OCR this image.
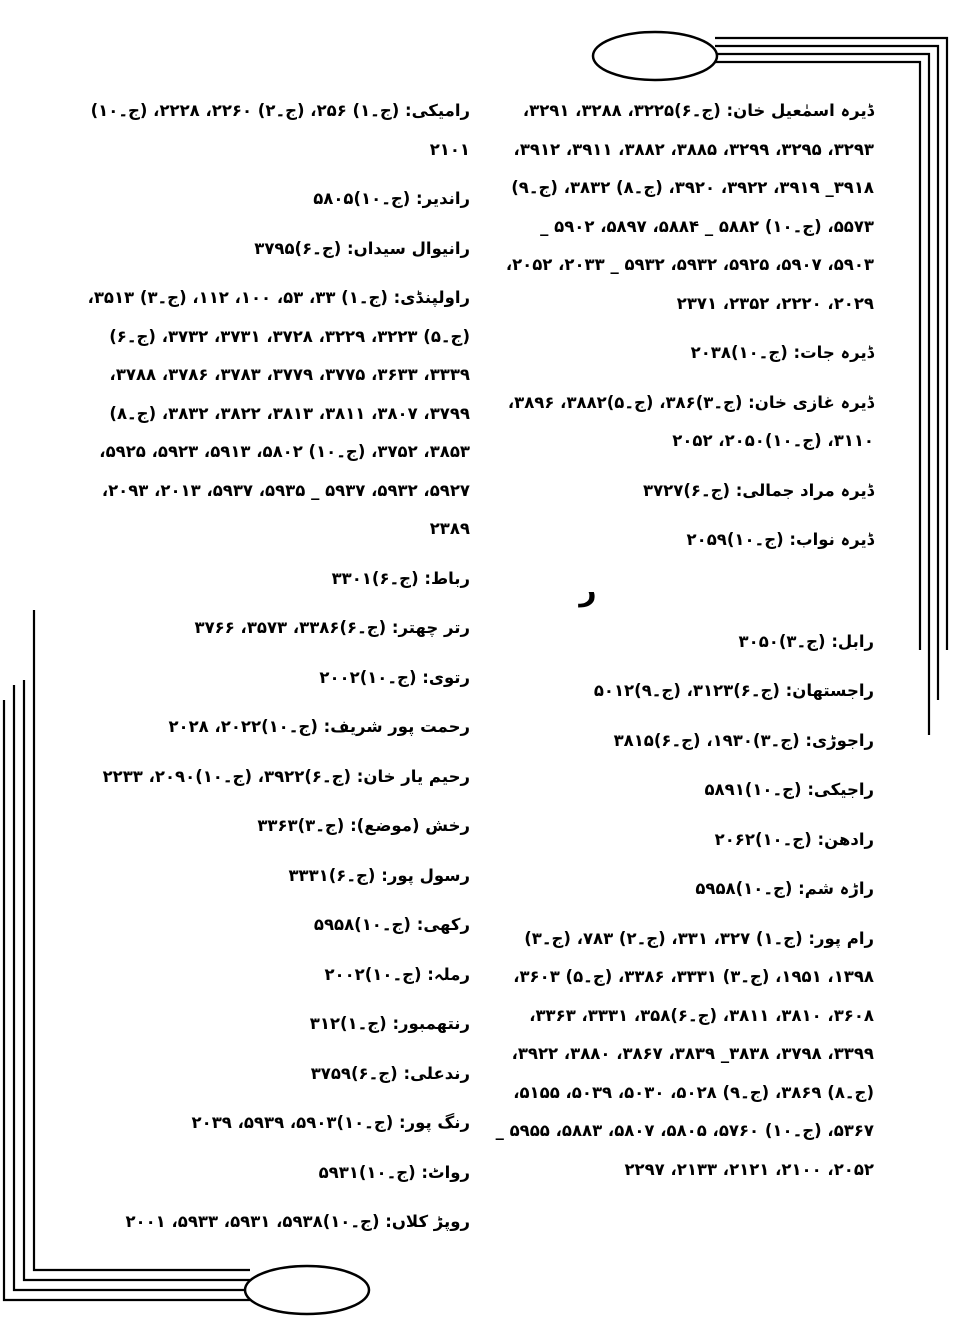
ڈیرہ اسمٰعیل خان: (ج۔۶)۳۲۲۵، ۳۲۸۸، ۳۲۹۱، ۳۲۹۳، ۳۲۹۵، ۳۲۹۹، ۳۸۸۵، ۳۸۸۲، ۳۹۱۱، ۳۹۱۲، ۳۹۱۸_ ۳۹۱۹، ۳۹۲۲، ۳۹۲۰، (ج۔۸) ۳۸۳۲، (ج۔۹) ۵۵۷۳، (ج۔۱۰) ۵۸۸۲ _ ۵۸۸۴، ۵۸۹۷، ۵۹۰۲ _ ۵۹۰۳، ۵۹۰۷، ۵۹۲۵، ۵۹۳۲، ۵۹۳۲ _ ۲۰۳۳، ۲۰۵۲، ۲۰۲۹، ۲۲۲۰، ۲۳۵۲، ۲۳۷۱
ڈیرہ جات: (ج۔۱۰)۲۰۳۸
ڈیرہ غازی خان: (ج۔۳)۳۸۶، (ج۔۵)۳۸۸۲، ۳۸۹۶، ۳۱۱۰، (ج۔۱۰)۲۰۵۰، ۲۰۵۲
ڈیرہ مراد جمالی: (ج۔۶)۳۷۲۷
ڈیرہ نواب: (ج۔۱۰)۲۰۵۹
ر
رابل: (ج۔۳)۳۰۵۰
راجستھان: (ج۔۶)۳۱۲۳، (ج۔۹)۵۰۱۲
راجوڑی: (ج۔۳)۱۹۳۰، (ج۔۶)۳۸۱۵
راجیکی: (ج۔۱۰)۵۸۹۱
رادھن: (ج۔۱۰)۲۰۶۲
راڑہ شم: (ج۔۱۰)۵۹۵۸
رام پور: (ج۔۱) ۳۲۷، ۳۳۱، (ج۔۲) ۷۸۳، (ج۔۳) ۱۳۹۸، ۱۹۵۱، (ج۔۳) ۳۳۳۱، ۳۳۸۶، (ج۔۵) ۳۶۰۳، ۳۶۰۸، ۳۸۱۰، ۳۸۱۱، (ج۔۶)۳۵۸، ۳۳۳۱، ۳۳۶۳، ۳۳۹۹، ۳۷۹۸، ۳۸۳۸_ ۳۸۳۹، ۳۸۶۷، ۳۸۸۰، ۳۹۲۲، (ج۔۸) ۳۸۶۹، (ج۔۹) ۵۰۲۸، ۵۰۳۰، ۵۰۳۹، ۵۱۵۵، ۵۳۶۷، (ج۔۱۰) ۵۷۶۰، ۵۸۰۵، ۵۸۰۷، ۵۸۸۳، ۵۹۵۵ _ ۲۰۵۲، ۲۱۰۰، ۲۱۲۱، ۲۱۳۳، ۲۲۹۷
رامیکی: (ج۔۱) ۲۵۶، (ج۔۲) ۲۲۶۰، ۲۲۲۸، (ج۔۱۰) ۲۱۰۱
راندیر: (ج۔۱۰)۵۸۰۵
رانیوال سیداں: (ج۔۶)۳۷۹۵
راولپنڈی: (ج۔۱) ۳۳، ۵۳، ۱۰۰، ۱۱۲، (ج۔۳) ۳۵۱۳، (ج۔۵) ۳۲۲۳، ۳۲۲۹، ۳۷۲۸، ۳۷۳۱، ۳۷۳۲، (ج۔۶) ۳۳۳۹، ۳۶۳۳، ۳۷۷۵، ۳۷۷۹، ۳۷۸۳، ۳۷۸۶، ۳۷۸۸، ۳۷۹۹، ۳۸۰۷، ۳۸۱۱، ۳۸۱۳، ۳۸۲۲، ۳۸۳۲، (ج۔۸) ۳۸۵۳، ۳۷۵۲، (ج۔۱۰) ۵۸۰۲، ۵۹۱۳، ۵۹۲۳، ۵۹۲۵، ۵۹۲۷، ۵۹۳۲، ۵۹۳۷ _ ۵۹۳۵، ۵۹۳۷، ۲۰۱۳، ۲۰۹۳، ۲۳۸۹
رباط: (ج۔۶)۳۳۰۱
رتر چھتر: (ج۔۶)۳۳۸۶، ۳۵۷۳، ۳۷۶۶
رتوی: (ج۔۱۰)۲۰۰۲
رحمت پور شریف: (ج۔۱۰)۲۰۲۲، ۲۰۲۸
رحیم یار خان: (ج۔۶)۳۹۲۲، (ج۔۱۰)۲۰۹۰، ۲۲۳۳
رخش (موضع): (ج۔۳)۳۳۶۳
رسول پور: (ج۔۶)۳۳۳۱
رکھی: (ج۔۱۰)۵۹۵۸
رملہ: (ج۔۱۰)۲۰۰۲
رنتھمبور: (ج۔۱)۳۱۲
رندعلی: (ج۔۶)۳۷۵۹
رنگ پور: (ج۔۱۰)۵۹۰۳، ۵۹۳۹، ۲۰۳۹
رواٹ: (ج۔۱۰)۵۹۳۱
روپڑ کلاں: (ج۔۱۰)۵۹۳۸، ۵۹۳۱، ۵۹۳۳، ۲۰۰۱
